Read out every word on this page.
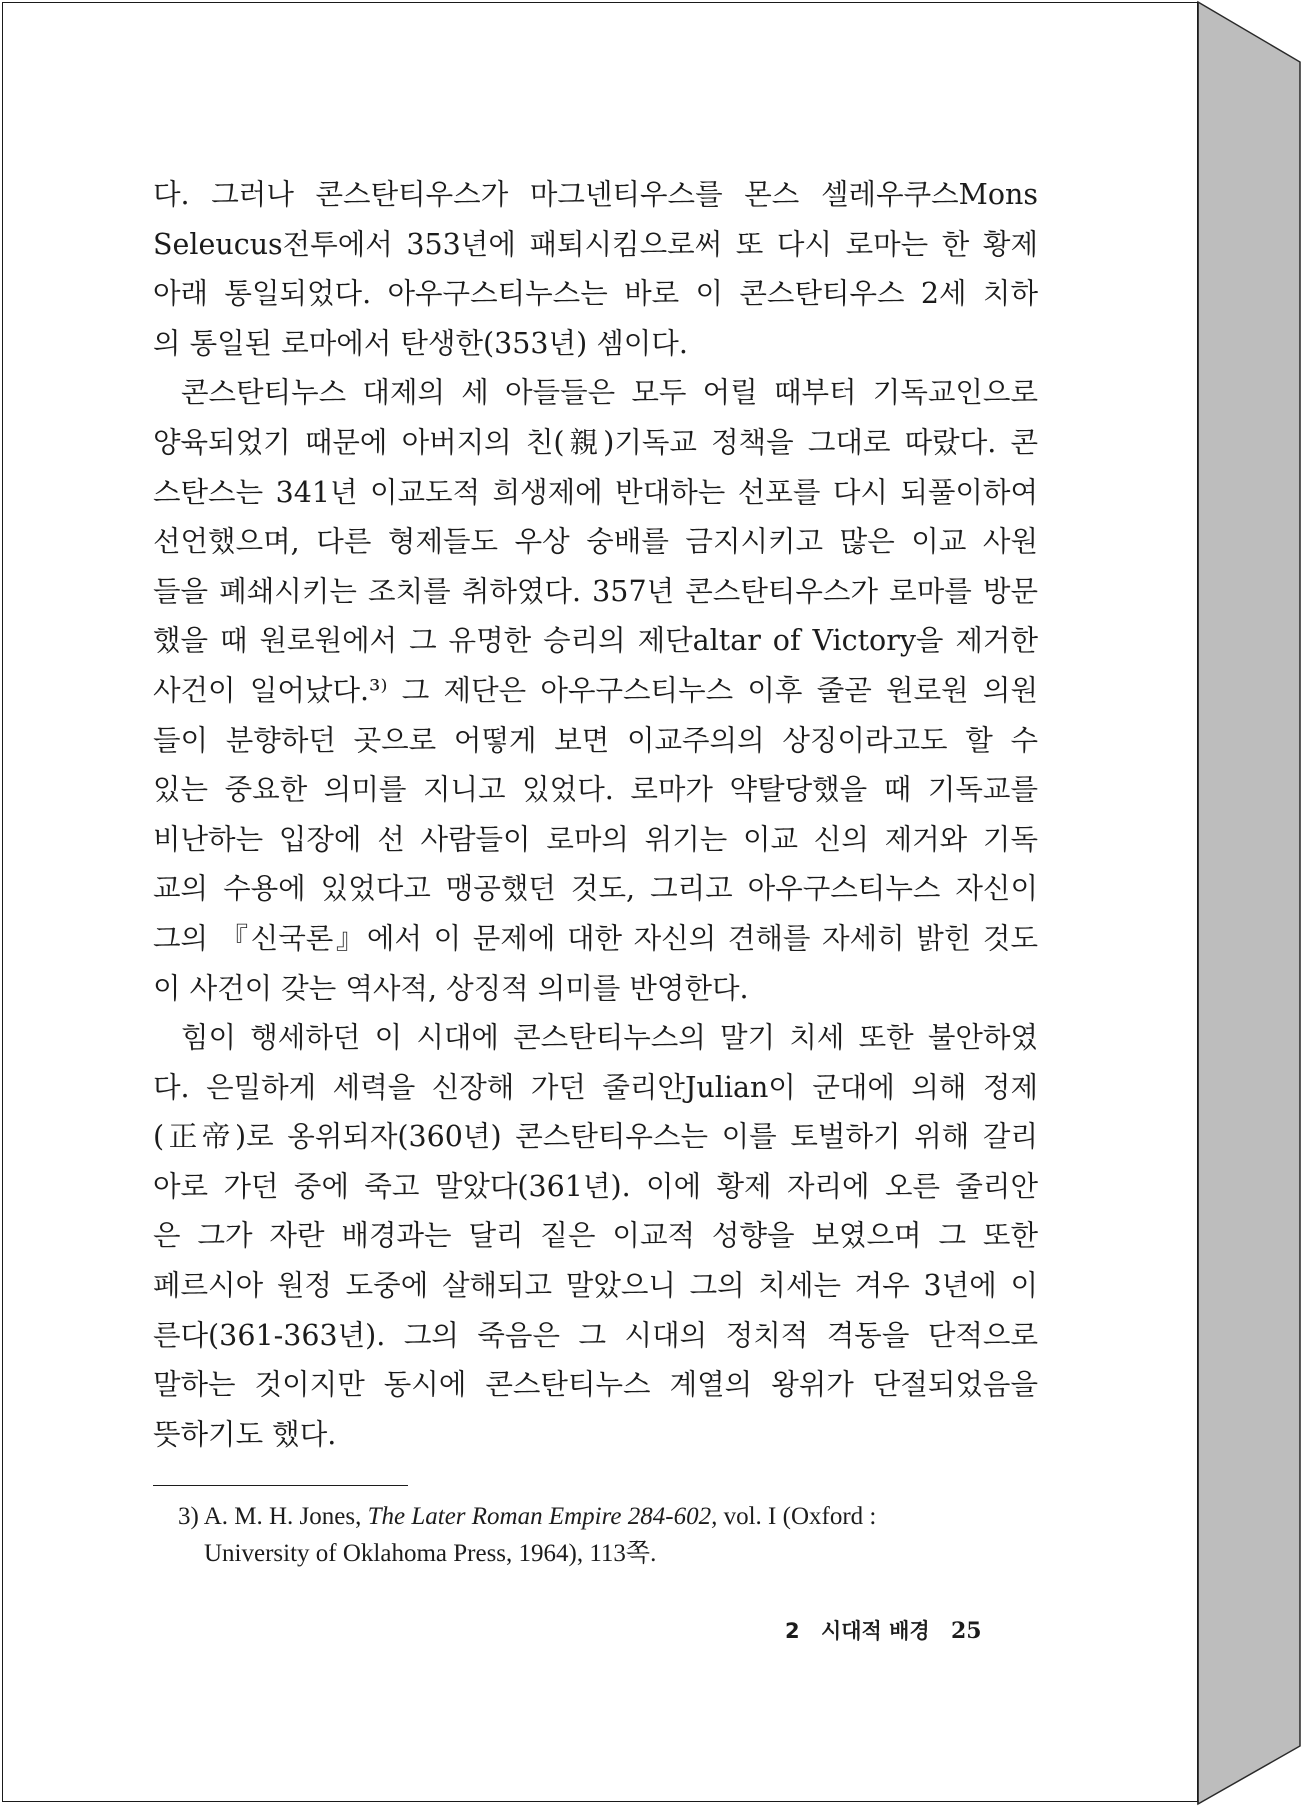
다. 그러나 콘스탄티우스가 마그넨티우스를 몬스 셀레우쿠스Mons
Seleucus전투에서 353년에 패퇴시킴으로써 또 다시 로마는 한 황제
아래 통일되었다. 아우구스티누스는 바로 이 콘스탄티우스 2세 치하
의 통일된 로마에서 탄생한(353년) 셈이다.
콘스탄티누스 대제의 세 아들들은 모두 어릴 때부터 기독교인으로
양육되었기 때문에 아버지의 친(親)기독교 정책을 그대로 따랐다. 콘
스탄스는 341년 이교도적 희생제에 반대하는 선포를 다시 되풀이하여
선언했으며, 다른 형제들도 우상 숭배를 금지시키고 많은 이교 사원
들을 폐쇄시키는 조치를 취하였다. 357년 콘스탄티우스가 로마를 방문
했을 때 원로원에서 그 유명한 승리의 제단altar of Victory을 제거한
사건이 일어났다.³⁾ 그 제단은 아우구스티누스 이후 줄곧 원로원 의원
들이 분향하던 곳으로 어떻게 보면 이교주의의 상징이라고도 할 수
있는 중요한 의미를 지니고 있었다. 로마가 약탈당했을 때 기독교를
비난하는 입장에 선 사람들이 로마의 위기는 이교 신의 제거와 기독
교의 수용에 있었다고 맹공했던 것도, 그리고 아우구스티누스 자신이
그의 『신국론』에서 이 문제에 대한 자신의 견해를 자세히 밝힌 것도
이 사건이 갖는 역사적, 상징적 의미를 반영한다.
힘이 행세하던 이 시대에 콘스탄티누스의 말기 치세 또한 불안하였
다. 은밀하게 세력을 신장해 가던 줄리안Julian이 군대에 의해 정제
(正帝)로 옹위되자(360년) 콘스탄티우스는 이를 토벌하기 위해 갈리
아로 가던 중에 죽고 말았다(361년). 이에 황제 자리에 오른 줄리안
은 그가 자란 배경과는 달리 짙은 이교적 성향을 보였으며 그 또한
페르시아 원정 도중에 살해되고 말았으니 그의 치세는 겨우 3년에 이
른다(361-363년). 그의 죽음은 그 시대의 정치적 격동을 단적으로
말하는 것이지만 동시에 콘스탄티누스 계열의 왕위가 단절되었음을
뜻하기도 했다.
3) A. M. H. Jones, The Later Roman Empire 284-602, vol. I (Oxford :
University of Oklahoma Press, 1964), 113쪽.
2 시대적 배경 25
